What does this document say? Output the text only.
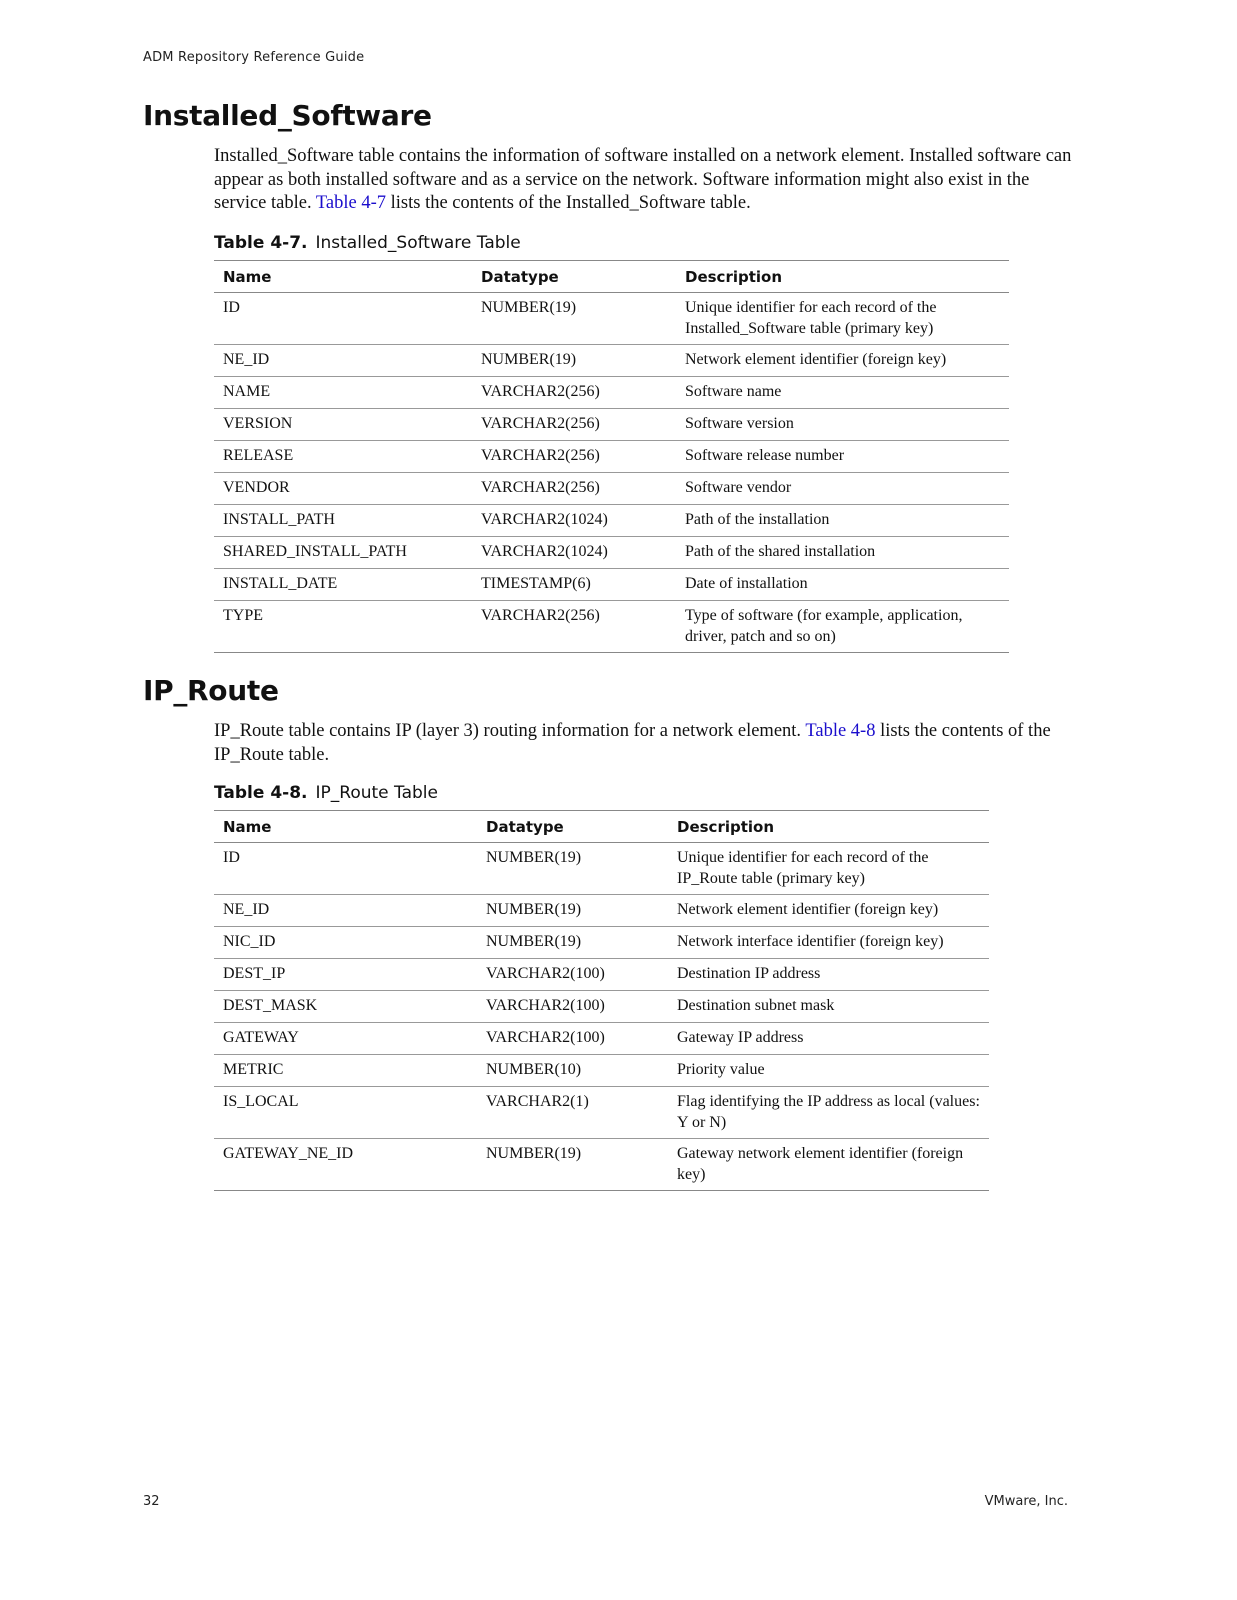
ADM Repository Reference Guide
Installed_Software

Installed_Software table contains the information of software installed on a network element. Installed software can appear as both installed software and as a service on the network. Software information might also exist in the service table. Table 4-7 lists the contents of the Installed_Software table.

Table 4-7. Installed_Software Table
Name	Datatype	Description
ID	NUMBER(19)	Unique identifier for each record of the Installed_Software table (primary key)
NE_ID	NUMBER(19)	Network element identifier (foreign key)
NAME	VARCHAR2(256)	Software name
VERSION	VARCHAR2(256)	Software version
RELEASE	VARCHAR2(256)	Software release number
VENDOR	VARCHAR2(256)	Software vendor
INSTALL_PATH	VARCHAR2(1024)	Path of the installation
SHARED_INSTALL_PATH	VARCHAR2(1024)	Path of the shared installation
INSTALL_DATE	TIMESTAMP(6)	Date of installation
TYPE	VARCHAR2(256)	Type of software (for example, application, driver, patch and so on)
IP_Route

IP_Route table contains IP (layer 3) routing information for a network element. Table 4-8 lists the contents of the IP_Route table.

Table 4-8. IP_Route Table
Name	Datatype	Description
ID	NUMBER(19)	Unique identifier for each record of the IP_Route table (primary key)
NE_ID	NUMBER(19)	Network element identifier (foreign key)
NIC_ID	NUMBER(19)	Network interface identifier (foreign key)
DEST_IP	VARCHAR2(100)	Destination IP address
DEST_MASK	VARCHAR2(100)	Destination subnet mask
GATEWAY	VARCHAR2(100)	Gateway IP address
METRIC	NUMBER(10)	Priority value
IS_LOCAL	VARCHAR2(1)	Flag identifying the IP address as local (values: Y or N)
GATEWAY_NE_ID	NUMBER(19)	Gateway network element identifier (foreign key)
32	VMware, Inc.
